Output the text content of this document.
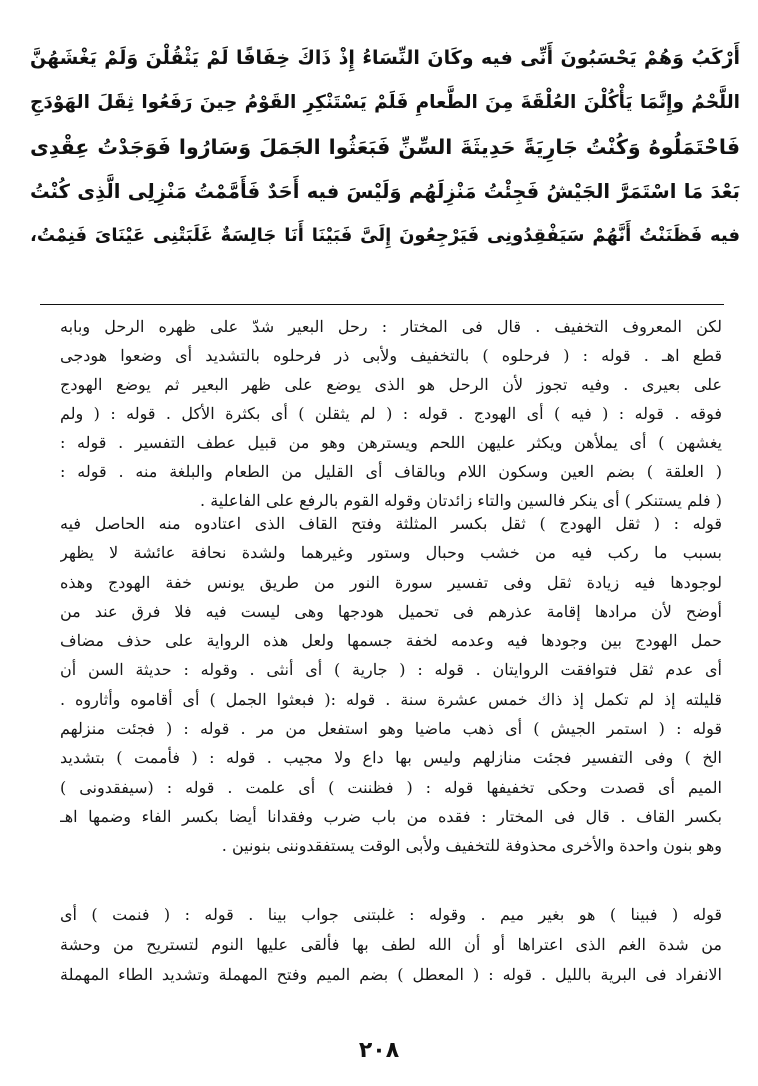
أَرْكَبُ وَهُمْ يَحْسَبُونَ أَنِّى فيه وكَانَ النِّسَاءُ إِذْ ذَاكَ خِفَافًا لَمْ يَثْقُلْنَ وَلَمْ يَغْشَهُنَّ
اللَّحْمُ وإِنَّمَا يَأْكُلْنَ العُلْقَةَ مِنَ الطَّعامِ فَلَمْ يَسْتَنْكِرِ القَوْمُ حِينَ رَفَعُوا ثِقَلَ الهَوْدَجِ
فَاحْتَمَلُوهُ وَكُنْتُ جَارِيَةً حَدِيثَةَ السِّنِّ فَبَعَثُوا الجَمَلَ وَسَارُوا فَوَجَدْتُ عِقْدِى
بَعْدَ مَا اسْتَمَرَّ الجَيْشُ فَجِئْتُ مَنْزِلَهُم وَلَيْسَ فيه أَحَدٌ فَأَمَّمْتُ مَنْزِلِى الَّذِى كُنْتُ
فيه فَظَنَنْتُ أَنَّهُمْ سَيَفْقِدُونِى فَيَرْجِعُونَ إِلَىَّ فَبَيْنَا أَنَا جَالِسَةٌ غَلَبَتْنِى عَيْنَاىَ فَنِمْتُ،
لكن المعروف التخفيف . قال فى المختار : رحل البعير شدّ على ظهره الرحل وبابه
قطع اهـ . قوله : ( فرحلوه ) بالتخفيف ولأبى ذر فرحلوه بالتشديد أى وضعوا هودجى
على بعيرى . وفيه تجوز لأن الرحل هو الذى يوضع على ظهر البعير ثم يوضع الهودج
فوقه . قوله : ( فيه ) أى الهودج . قوله : ( لم يثقلن ) أى بكثرة الأكل . قوله : ( ولم
يغشهن ) أى يملأهن ويكثر عليهن اللحم ويسترهن وهو من قبيل عطف التفسير . قوله :
( العلقة ) بضم العين وسكون اللام وبالقاف أى القليل من الطعام والبلغة منه . قوله :
( فلم يستنكر ) أى ينكر فالسين والتاء زائدتان وقوله القوم بالرفع على الفاعلية .
قوله : ( ثقل الهودج ) ثقل بكسر المثلثة وفتح القاف الذى اعتادوه منه الحاصل فيه
بسبب ما ركب فيه من خشب وحبال وستور وغيرهما ولشدة نحافة عائشة لا يظهر
لوجودها فيه زيادة ثقل وفى تفسير سورة النور من طريق يونس خفة الهودج وهذه
أوضح لأن مرادها إقامة عذرهم فى تحميل هودجها وهى ليست فيه فلا فرق عند من
حمل الهودج بين وجودها فيه وعدمه لخفة جسمها ولعل هذه الرواية على حذف مضاف
أى عدم ثقل فتوافقت الروايتان . قوله : ( جارية ) أى أنثى . وقوله : حديثة السن أن
قليلته إذ لم تكمل إذ ذاك خمس عشرة سنة . قوله :( فبعثوا الجمل ) أى أقاموه وأثاروه .
قوله : ( استمر الجيش ) أى ذهب ماضيا وهو استفعل من مر . قوله : ( فجئت منزلهم
الخ ) وفى التفسير فجئت منازلهم وليس بها داع ولا مجيب . قوله : ( فأممت ) بتشديد
الميم أى قصدت وحكى تخفيفها قوله : ( فظننت ) أى علمت . قوله : (سيفقدونى )
بكسر القاف . قال فى المختار : فقده من باب ضرب وفقدانا أيضا بكسر الفاء وضمها اهـ
وهو بنون واحدة والأخرى محذوفة للتخفيف ولأبى الوقت يستفقدوننى بنونين .
قوله ( فبينا ) هو بغير ميم . وقوله : غلبتنى جواب بينا . قوله : ( فنمت ) أى
من شدة الغم الذى اعتراها أو أن الله لطف بها فألقى عليها النوم لتستريح من وحشة
الانفراد فى البرية بالليل . قوله : ( المعطل ) بضم الميم وفتح المهملة وتشديد الطاء المهملة
٢٠٨
